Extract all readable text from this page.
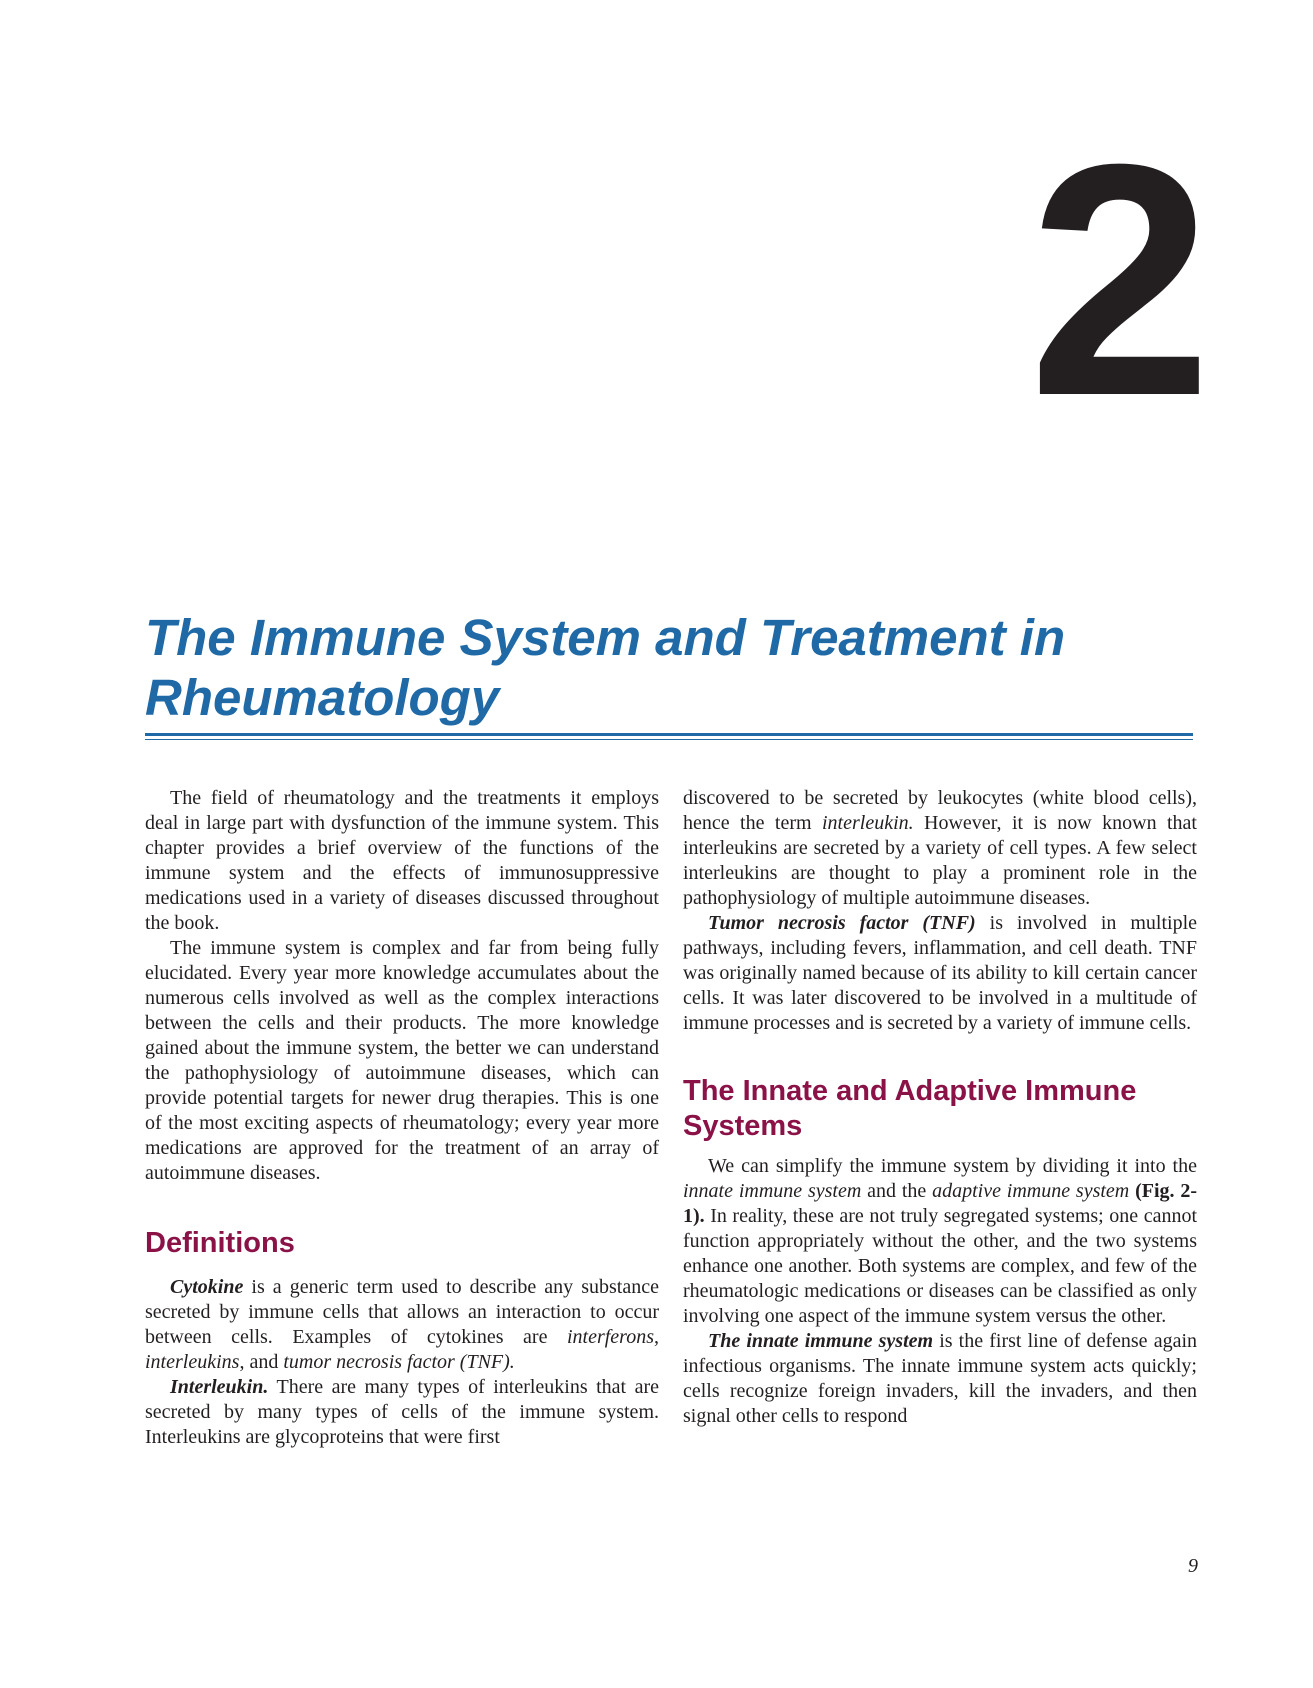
2
The Immune System and Treatment in Rheumatology

The field of rheumatology and the treatments it employs deal in large part with dysfunction of the immune system. This chapter provides a brief overview of the functions of the immune system and the effects of immunosuppressive medications used in a variety of diseases discussed throughout the book.

The immune system is complex and far from being fully elucidated. Every year more knowledge accumulates about the numerous cells involved as well as the complex interactions between the cells and their products. The more knowledge gained about the immune system, the better we can understand the pathophysiology of autoimmune diseases, which can provide potential targets for newer drug therapies. This is one of the most exciting aspects of rheumatology; every year more medications are approved for the treatment of an array of autoimmune diseases.

Definitions

Cytokine is a generic term used to describe any substance secreted by immune cells that allows an interaction to occur between cells. Examples of cytokines are interferons, interleukins, and tumor necrosis factor (TNF).

Interleukin. There are many types of interleukins that are secreted by many types of cells of the immune system. Interleukins are glycoproteins that were first

discovered to be secreted by leukocytes (white blood cells), hence the term interleukin. However, it is now known that interleukins are secreted by a variety of cell types. A few select interleukins are thought to play a prominent role in the pathophysiology of multiple autoimmune diseases.

Tumor necrosis factor (TNF) is involved in multiple pathways, including fevers, inflammation, and cell death. TNF was originally named because of its ability to kill certain cancer cells. It was later discovered to be involved in a multitude of immune processes and is secreted by a variety of immune cells.

The Innate and Adaptive Immune Systems

We can simplify the immune system by dividing it into the innate immune system and the adaptive immune system (Fig. 2-1). In reality, these are not truly segregated systems; one cannot function appropriately without the other, and the two systems enhance one another. Both systems are complex, and few of the rheumatologic medications or diseases can be classified as only involving one aspect of the immune system versus the other.

The innate immune system is the first line of defense again infectious organisms. The innate immune system acts quickly; cells recognize foreign invaders, kill the invaders, and then signal other cells to respond

9
